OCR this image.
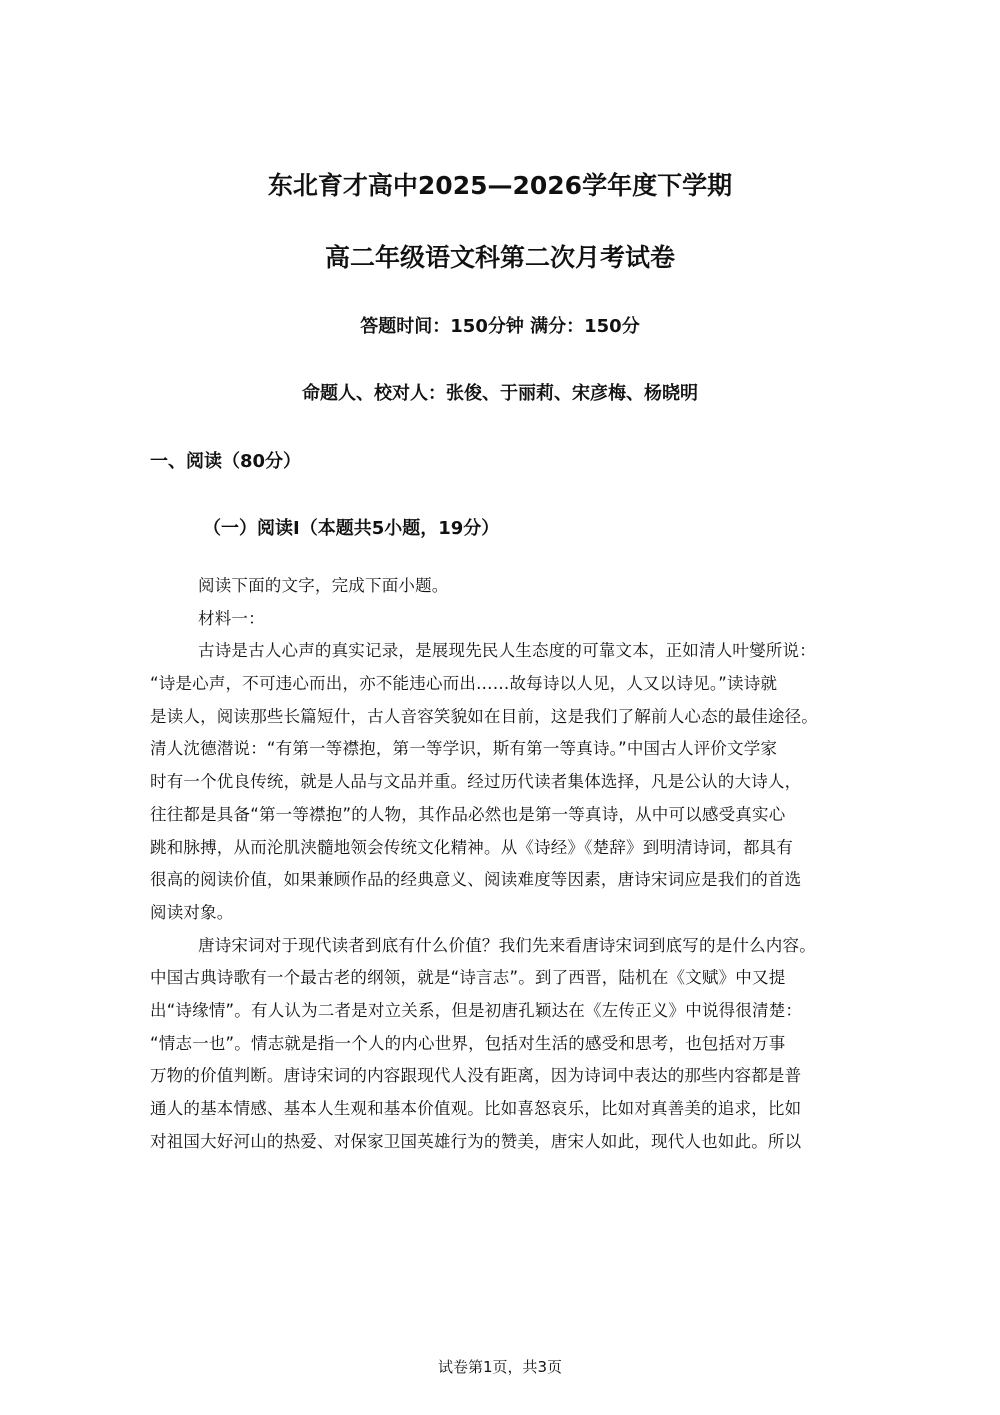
东北育才高中2025—2026学年度下学期
高二年级语文科第二次月考试卷
答题时间：150分钟 满分：150分
命题人、校对人：张俊、于丽莉、宋彦梅、杨晓明
一、阅读（80分）
（一）阅读Ⅰ（本题共5小题，19分）
阅读下面的文字，完成下面小题。
材料一：
古诗是古人心声的真实记录，是展现先民人生态度的可靠文本，正如清人叶燮所说：
“诗是心声，不可违心而出，亦不能违心而出……故每诗以人见，人又以诗见。”读诗就
是读人，阅读那些长篇短什，古人音容笑貌如在目前，这是我们了解前人心态的最佳途径。
清人沈德潜说：“有第一等襟抱，第一等学识，斯有第一等真诗。”中国古人评价文学家
时有一个优良传统，就是人品与文品并重。经过历代读者集体选择，凡是公认的大诗人，
往往都是具备“第一等襟抱”的人物，其作品必然也是第一等真诗，从中可以感受真实心
跳和脉搏，从而沦肌浃髓地领会传统文化精神。从《诗经》《楚辞》到明清诗词，都具有
很高的阅读价值，如果兼顾作品的经典意义、阅读难度等因素，唐诗宋词应是我们的首选
阅读对象。
唐诗宋词对于现代读者到底有什么价值？我们先来看唐诗宋词到底写的是什么内容。
中国古典诗歌有一个最古老的纲领，就是“诗言志”。到了西晋，陆机在《文赋》中又提
出“诗缘情”。有人认为二者是对立关系，但是初唐孔颖达在《左传正义》中说得很清楚：
“情志一也”。情志就是指一个人的内心世界，包括对生活的感受和思考，也包括对万事
万物的价值判断。唐诗宋词的内容跟现代人没有距离，因为诗词中表达的那些内容都是普
通人的基本情感、基本人生观和基本价值观。比如喜怒哀乐，比如对真善美的追求，比如
对祖国大好河山的热爱、对保家卫国英雄行为的赞美，唐宋人如此，现代人也如此。所以
试卷第1页，共3页
